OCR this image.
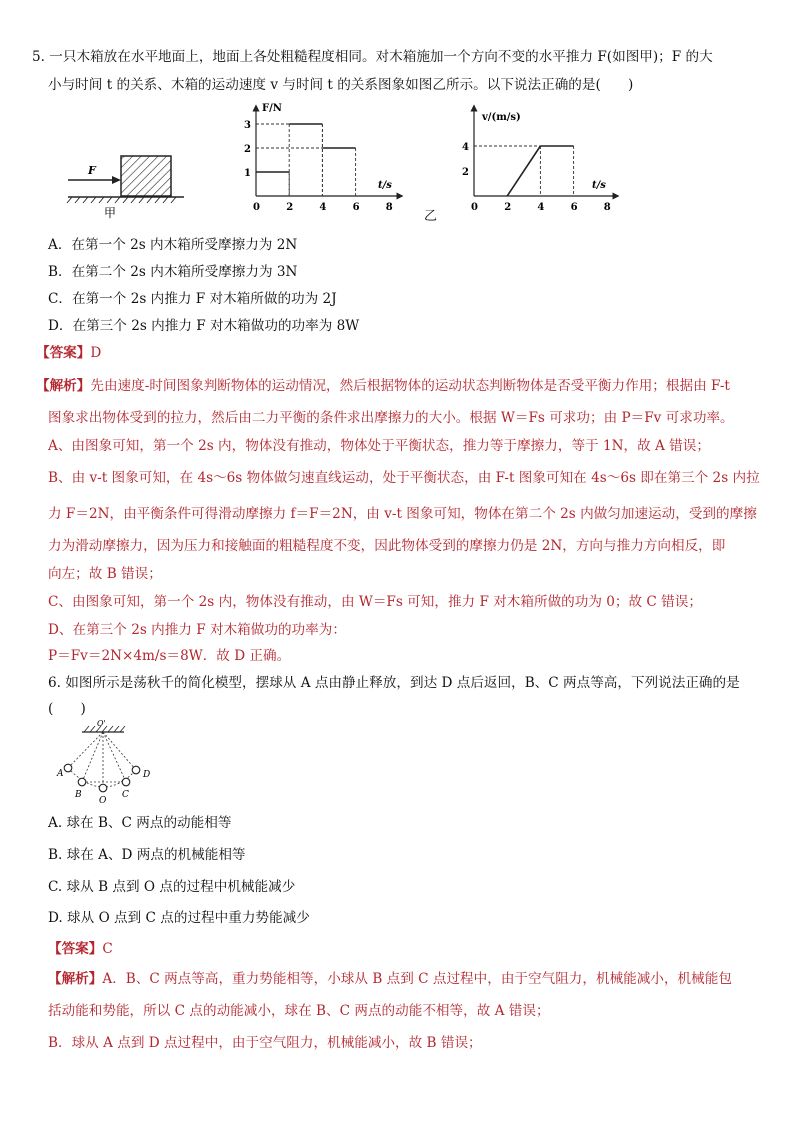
5. 一只木箱放在水平地面上，地面上各处粗糙程度相同。对木箱施加一个方向不变的水平推力 F(如图甲)；F 的大
小与时间 t 的关系、木箱的运动速度 v 与时间 t 的关系图象如图乙所示。以下说法正确的是(　　)
F
甲
F/N
t/s
0	2	4	6	8
1
2
3
乙
v/(m/s)
t/s
0	2	4	6	8
2
4
A．在第一个 2s 内木箱所受摩擦力为 2N
B．在第二个 2s 内木箱所受摩擦力为 3N
C．在第一个 2s 内推力 F 对木箱所做的功为 2J
D．在第三个 2s 内推力 F 对木箱做功的功率为 8W
【答案】D
【解析】先由速度-时间图象判断物体的运动情况，然后根据物体的运动状态判断物体是否受平衡力作用；根据由 F-t
图象求出物体受到的拉力，然后由二力平衡的条件求出摩擦力的大小。根据 W＝Fs 可求功；由 P＝Fv 可求功率。
A、由图象可知，第一个 2s 内，物体没有推动，物体处于平衡状态，推力等于摩擦力，等于 1N，故 A 错误；
B、由 v-t 图象可知，在 4s～6s 物体做匀速直线运动，处于平衡状态，由 F-t 图象可知在 4s～6s 即在第三个 2s 内拉
力 F＝2N，由平衡条件可得滑动摩擦力 f＝F＝2N，由 v-t 图象可知，物体在第二个 2s 内做匀加速运动，受到的摩擦
力为滑动摩擦力，因为压力和接触面的粗糙程度不变，因此物体受到的摩擦力仍是 2N，方向与推力方向相反，即
向左；故 B 错误；
C、由图象可知，第一个 2s 内，物体没有推动，由 W＝Fs 可知，推力 F 对木箱所做的功为 0；故 C 错误；
D、在第三个 2s 内推力 F 对木箱做功的功率为：
P＝Fv＝2N×4m/s＝8W．故 D 正确。
6. 如图所示是荡秋千的简化模型，摆球从 A 点由静止释放，到达 D 点后返回，B、C 两点等高，下列说法正确的是
(　　)
O'
A
B
O
C
D
A. 球在 B、C 两点的动能相等
B. 球在 A、D 两点的机械能相等
C. 球从 B 点到 O 点的过程中机械能减少
D. 球从 O 点到 C 点的过程中重力势能减少
【答案】C
【解析】A．B、C 两点等高，重力势能相等，小球从 B 点到 C 点过程中，由于空气阻力，机械能减小，机械能包
括动能和势能，所以 C 点的动能减小，球在 B、C 两点的动能不相等，故 A 错误；
B．球从 A 点到 D 点过程中，由于空气阻力，机械能减小，故 B 错误；
